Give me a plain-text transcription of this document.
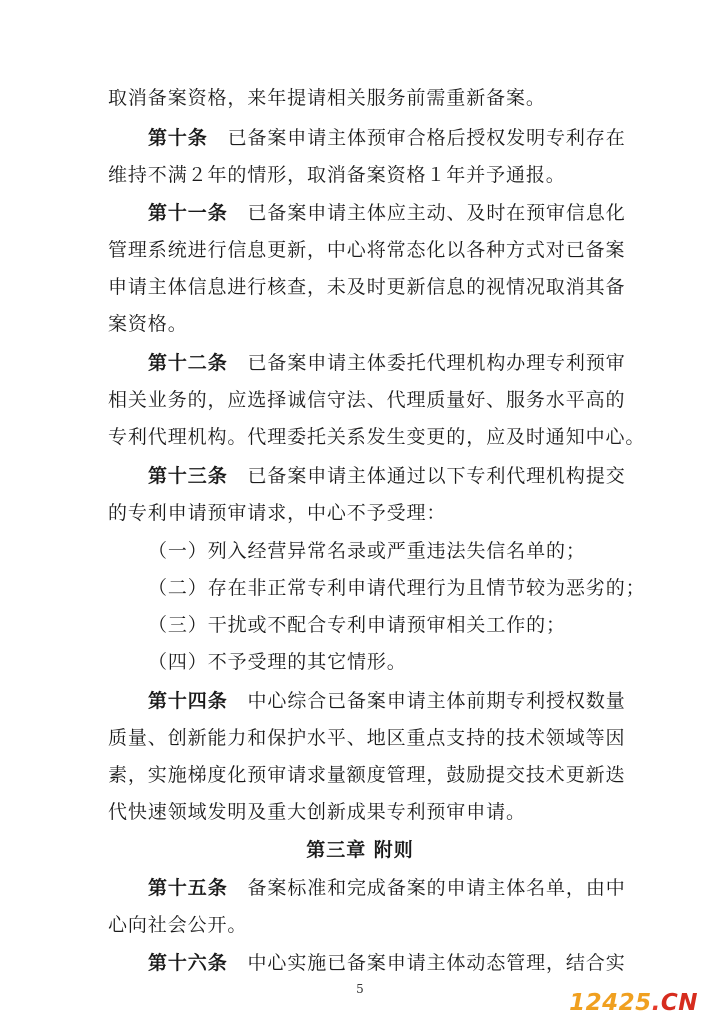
取消备案资格，来年提请相关服务前需重新备案。
第十条　 已备案申请主体预审合格后授权发明专利存在
维持不满２年的情形，取消备案资格１年并予通报。
第十一条　 已备案申请主体应主动、及时在预审信息化
管理系统进行信息更新，中心将常态化以各种方式对已备案
申请主体信息进行核查，未及时更新信息的视情况取消其备
案资格。
第十二条　 已备案申请主体委托代理机构办理专利预审
相关业务的，应选择诚信守法、代理质量好、服务水平高的
专利代理机构。代理委托关系发生变更的，应及时通知中心。
第十三条　 已备案申请主体通过以下专利代理机构提交
的专利申请预审请求，中心不予受理：
（一）列入经营异常名录或严重违法失信名单的；
（二）存在非正常专利申请代理行为且情节较为恶劣的；
（三）干扰或不配合专利申请预审相关工作的；
（四）不予受理的其它情形。
第十四条　 中心综合已备案申请主体前期专利授权数量
质量、创新能力和保护水平、地区重点支持的技术领域等因
素，实施梯度化预审请求量额度管理，鼓励提交技术更新迭
代快速领域发明及重大创新成果专利预审申请。
第三章 附则
第十五条　 备案标准和完成备案的申请主体名单，由中
心向社会公开。
第十六条　 中心实施已备案申请主体动态管理，结合实
5
12425.CN
